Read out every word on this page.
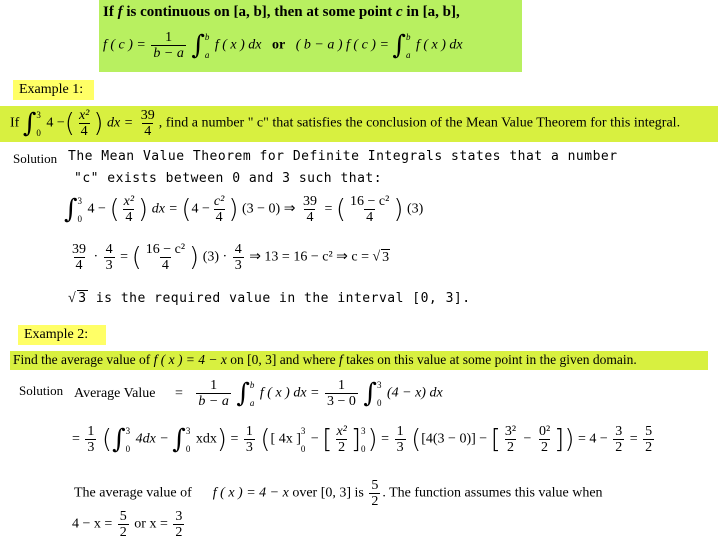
If f is continuous on [a, b], then at some point c in [a, b],
f ( c ) = $\frac{1}{b - a}$ ∫ b
a
f ( x ) dx or ( b − a ) f ( c ) = ∫ b
a
f ( x ) dx
Example 1:
If ∫ 3
0
4 −( $\frac{\text{x²}}{4}$ ) dx = $\frac{39}{4}$ , find a number " c" that satisfies the conclusion of the Mean Value Theorem for this integral.
Solution The Mean Value Theorem for Definite Integrals states that a number
"c" exists between 0 and 3 such that:
∫ 3
0
4 − ( $\frac{\text{x²}}{4}$ ) dx = ($4 - \frac{\text{c²}}{4}$ ) (3 − 0) ⇒ $\frac{39}{4}$ = ( $\frac{\text{16 − c²}}{4}$ ) (3)
$\frac{39}{4} \cdot \frac{4}{3}$ = ( $\frac{\text{16 − c²}}{4}$ ) $(3) \cdot \frac{4}{3}$ ⇒ 13 = 16 − c² ⇒ c = √ 3
√ 3 is the required value in the interval [0, 3].
Example 2:
Find the average value of f ( x ) = 4 − x on [0, 3] and where f takes on this value at some point in the given domain.
Solution Average Value = $\frac{1}{b - a}$ ∫ b
a
f ( x ) dx = $\frac{1}{3 - 0}$ ∫ 3
0
(4 − x) dx
= $\frac{1}{3}$ (∫ 3
0
4dx − ∫ 3
0
$xdx) = \frac{1}{3}$ ([ 4x ]
3
0
− [ $\frac{\text{x²}}{2}$ ] 3
0 ) = $\frac{1}{3} ([4(3 - 0)]$ − [ $\frac{\text{3²}}{2} - \frac{\text{0²}}{2}$ ]) = $4 - \frac{3}{2} = \frac{5}{2}$
The average value of f ( x ) = 4 − x over [0, 3] is $\frac{5}{2}$ . The function assumes this value when
$4 - x = \frac{5}{2}$ or $x = \frac{3}{2}$
